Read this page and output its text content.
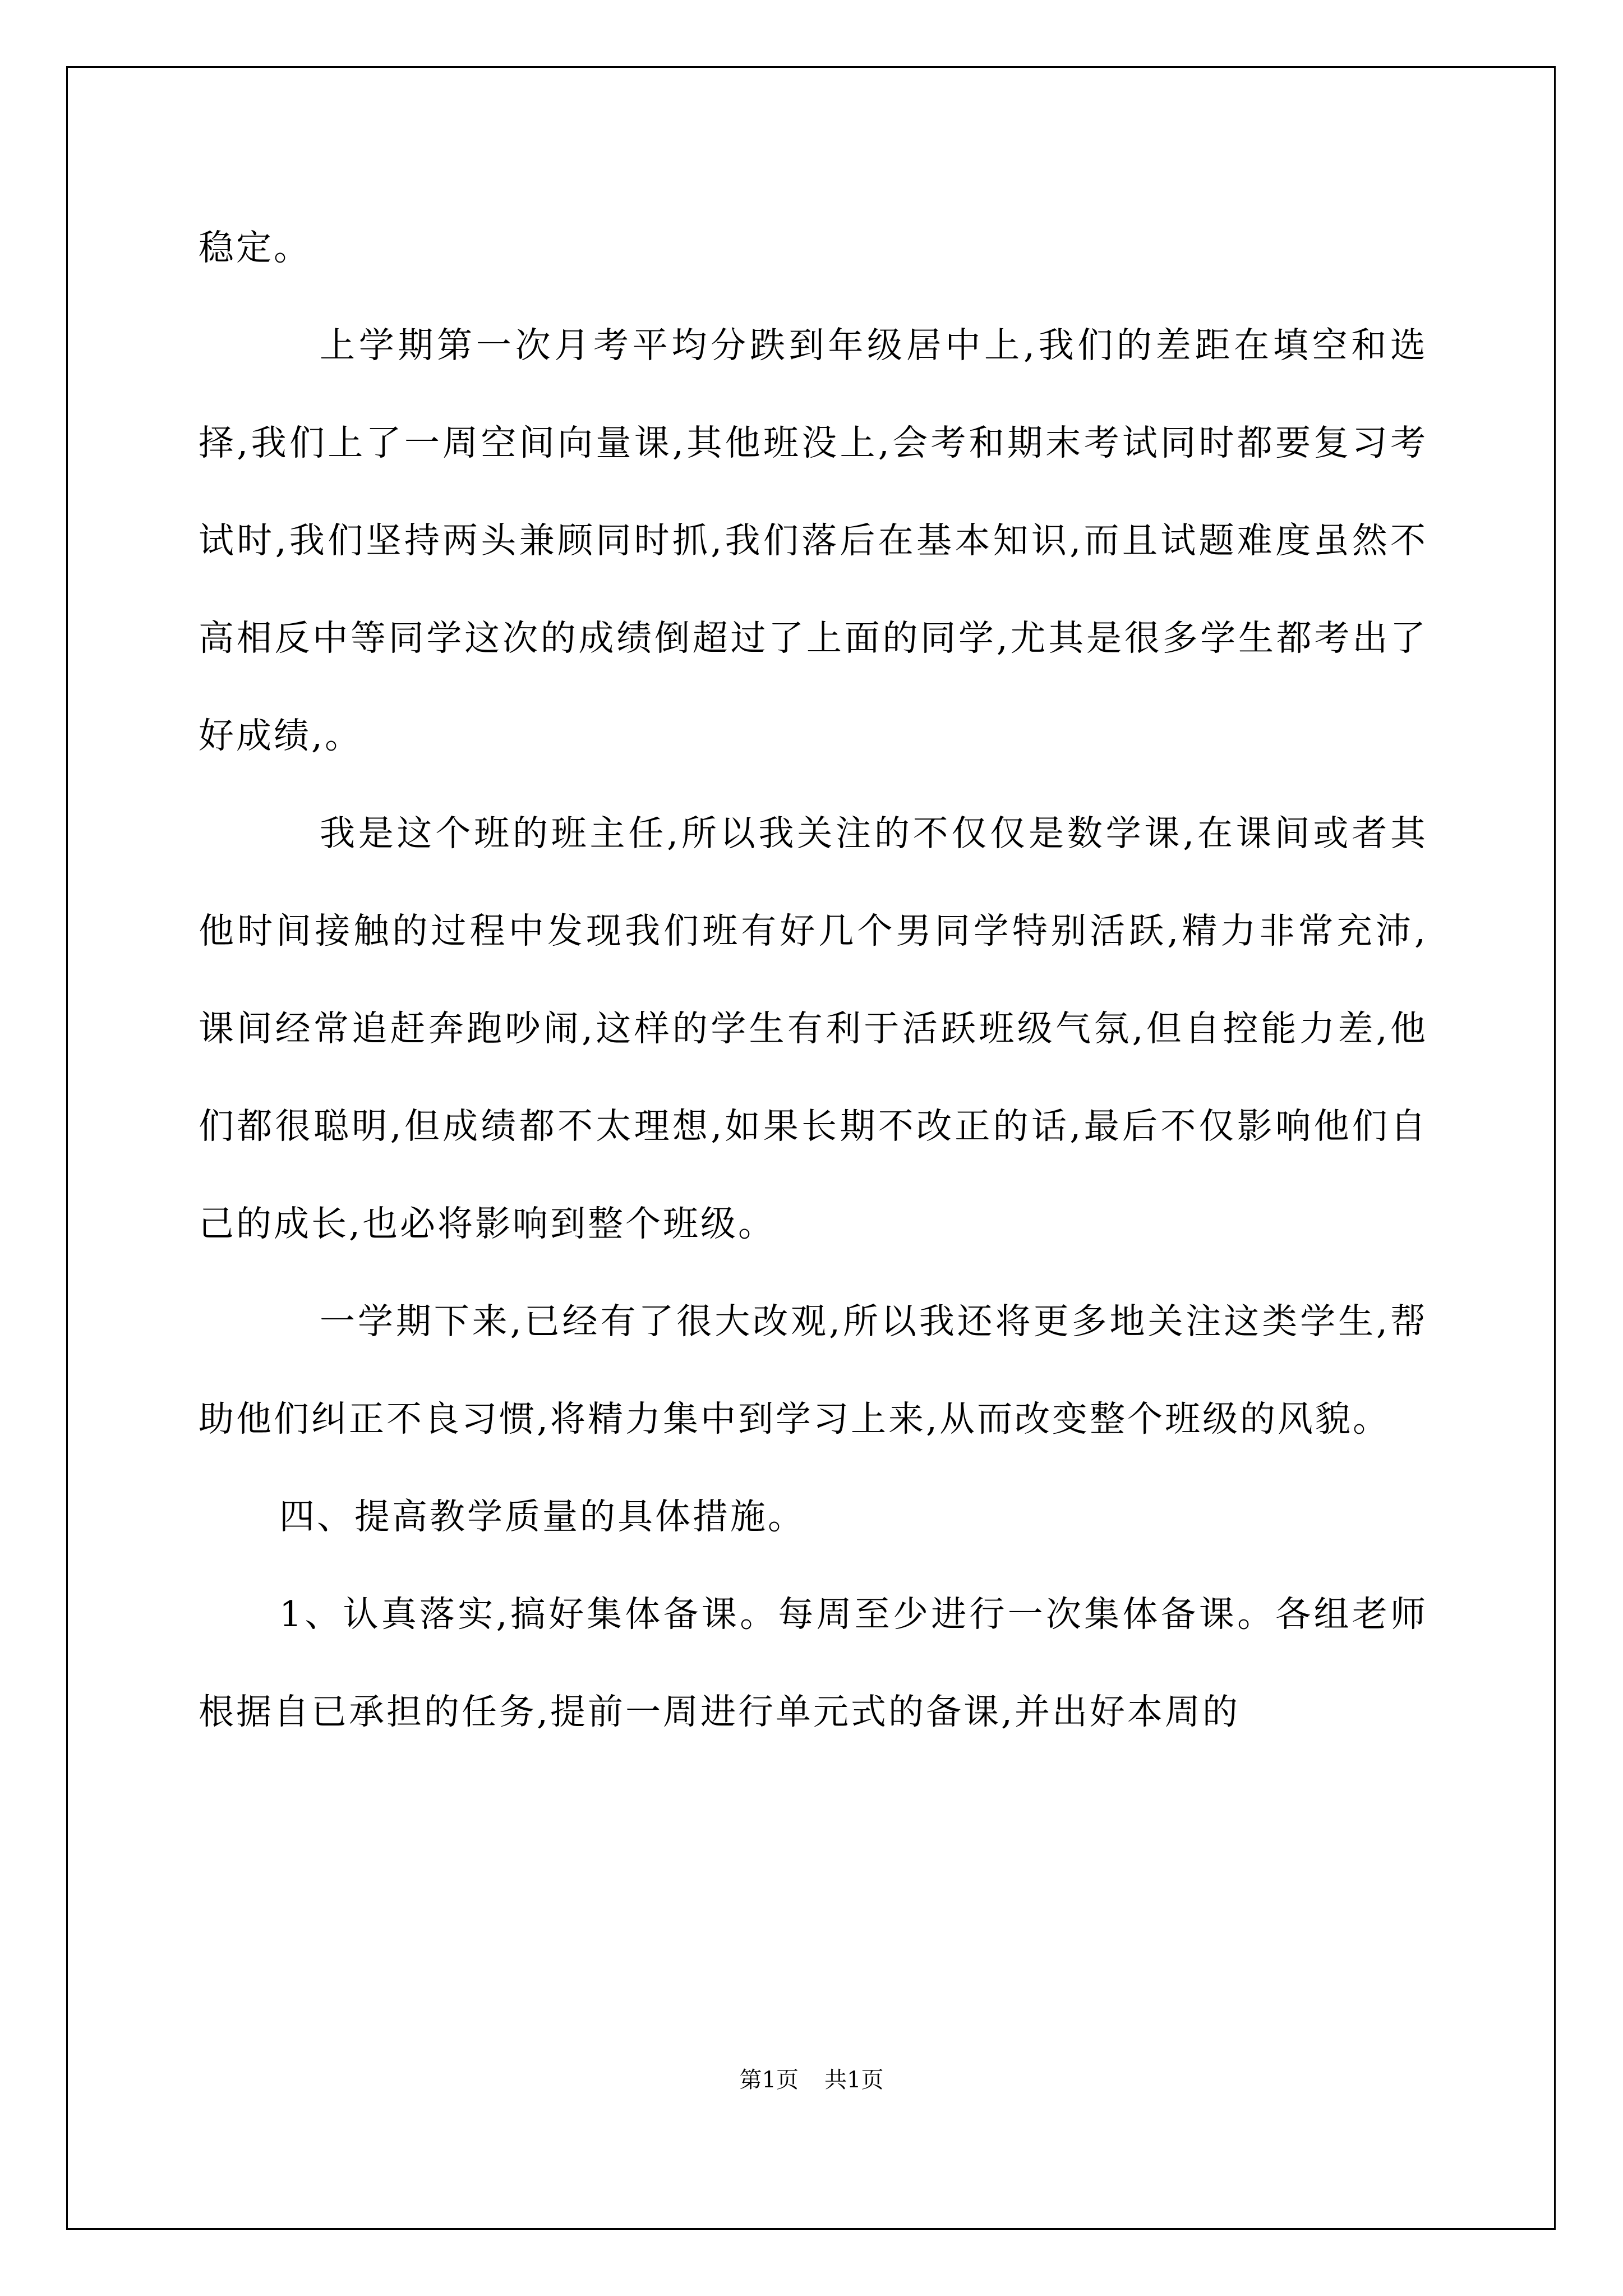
稳定。

上学期第一次月考平均分跌到年级居中上,我们的差距在填空和选择,我们上了一周空间向量课,其他班没上,会考和期末考试同时都要复习考试时,我们坚持两头兼顾同时抓,我们落后在基本知识,而且试题难度虽然不高相反中等同学这次的成绩倒超过了上面的同学,尤其是很多学生都考出了好成绩,。

我是这个班的班主任,所以我关注的不仅仅是数学课,在课间或者其他时间接触的过程中发现我们班有好几个男同学特别活跃,精力非常充沛,课间经常追赶奔跑吵闹,这样的学生有利于活跃班级气氛,但自控能力差,他们都很聪明,但成绩都不太理想,如果长期不改正的话,最后不仅影响他们自己的成长,也必将影响到整个班级。

一学期下来,已经有了很大改观,所以我还将更多地关注这类学生,帮助他们纠正不良习惯,将精力集中到学习上来,从而改变整个班级的风貌。

四、提高教学质量的具体措施。

1、认真落实,搞好集体备课。每周至少进行一次集体备课。各组老师根据自已承担的任务,提前一周进行单元式的备课,并出好本周的

第1页 共1页
